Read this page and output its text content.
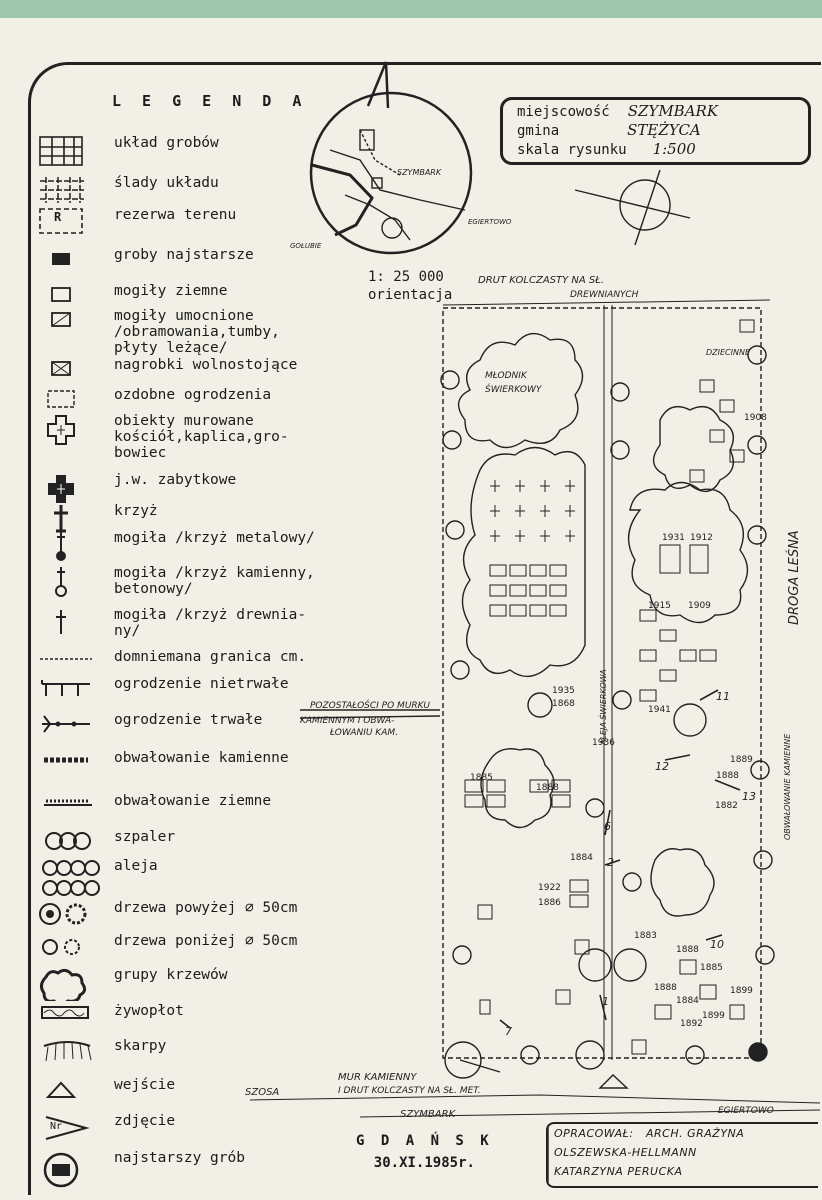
L E G E N D A
układ grobów
ślady układu
R	rezerwa terenu
groby najstarsze
mogiły ziemne
mogiły umocnione
/obramowania,tumby,
płyty leżące/
nagrobki wolnostojące
ozdobne ogrodzenia
obiekty murowane
kościół,kaplica,gro-
bowiec
j.w. zabytkowe
krzyż
mogiła /krzyż metalowy/
mogiła /krzyż kamienny,
betonowy/
mogiła /krzyż drewnia-
ny/
domniemana granica cm.
ogrodzenie nietrwałe
ogrodzenie trwałe
obwałowanie kamienne
obwałowanie ziemne
szpaler
aleja
drzewa powyżej ∅ 50cm
drzewa poniżej ∅ 50cm
grupy krzewów
żywopłot
skarpy
wejście
Nr	zdjęcie
najstarszy grób
miejscowość SZYMBARK
gmina	STĘŻYCA
skala rysunku 1:500
1: 25 000
orientacja
SZYMBARK
EGIERTOWO
GOŁUBIE
DRUT KOLCZASTY NA SŁ.
DREWNIANYCH
MŁODNIK
ŚWIERKOWY
DZIECINNE
DROGA LEŚNA
OBWAŁOWANIE KAMIENNE
ALEJA ŚWIERKOWA
POZOSTAŁOŚCI PO MURKU
KAMIENNYM I OBWA-
ŁOWANIU KAM.
MUR KAMIENNY
I DRUT KOLCZASTY NA SŁ. MET.
SZOSA
SZYMBARK	EGIERTOWO
1908
1931 1912
1915 1909
1941
1935
1868
1936
1885
1888
1889
1888
1882
1884
1922
1886
1883
1888
1885
1888
1884
1892
1899
1899
11
12
13
6
2
1
7
10
G D A Ń S K
30.XI.1985r.
OPRACOWAŁ: ARCH. GRAŻYNA
OLSZEWSKA-HELLMANN
KATARZYNA PERUCKA
